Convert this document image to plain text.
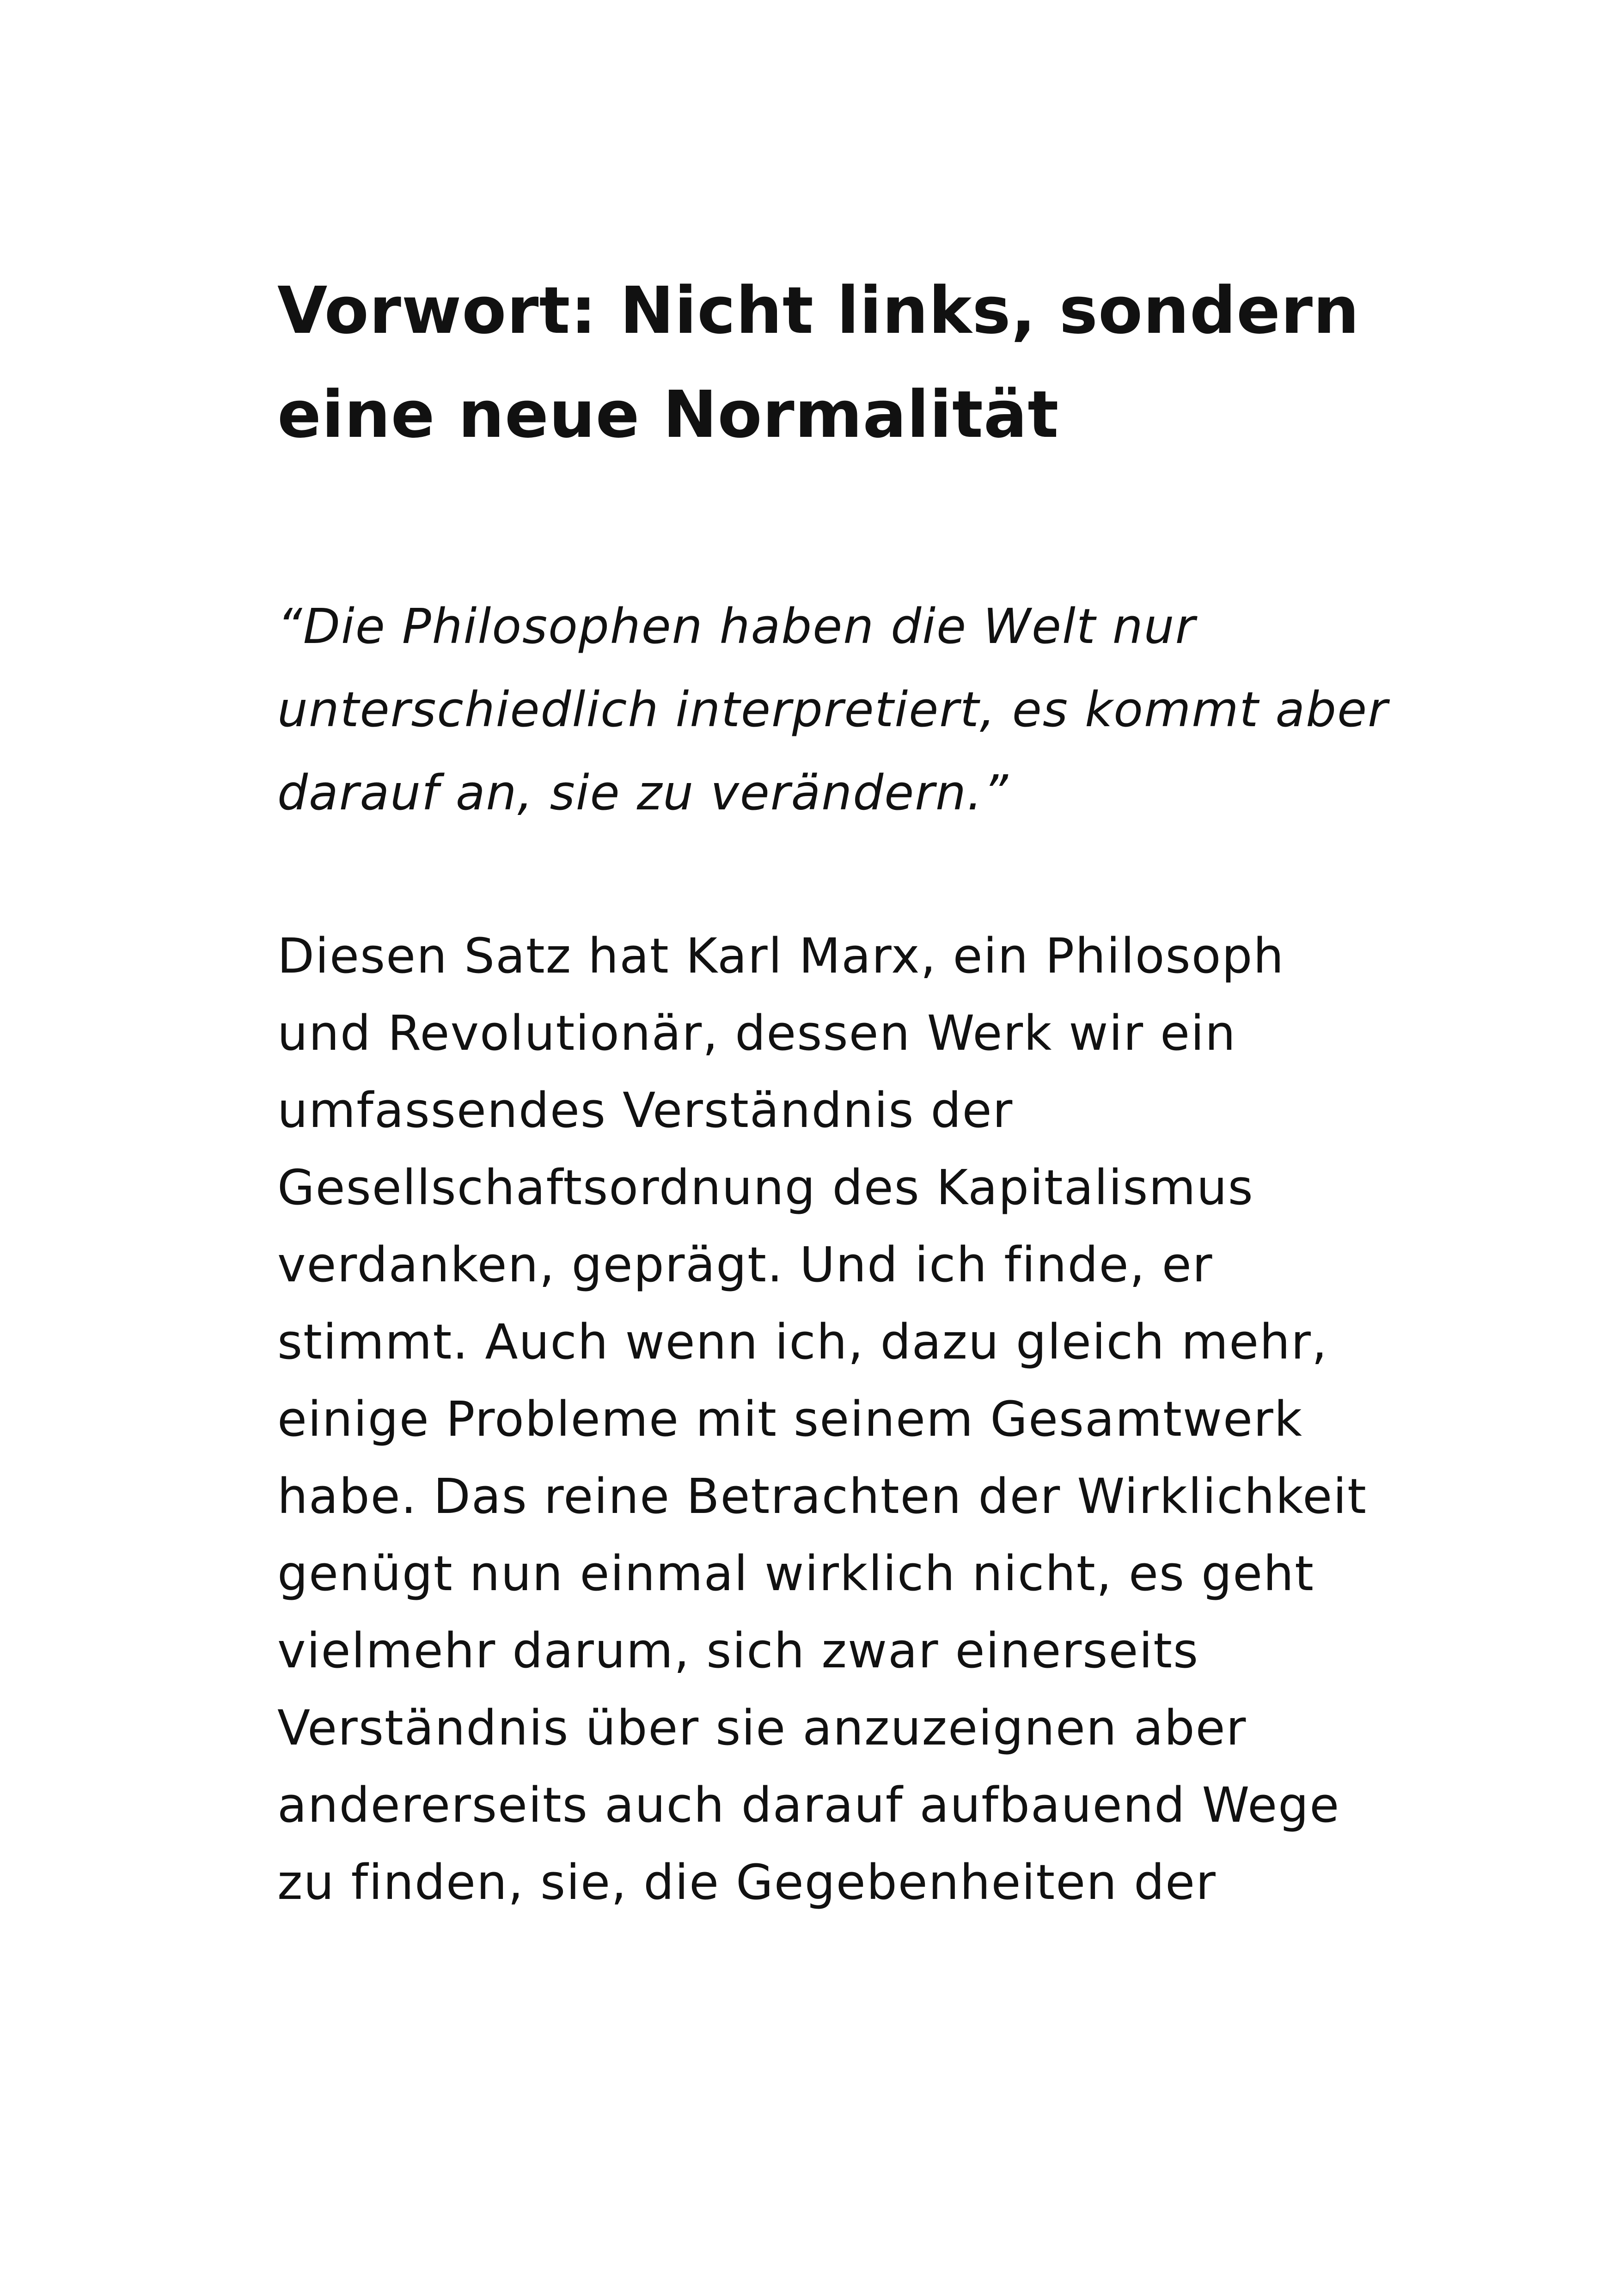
Vorwort: Nicht links, sondern
eine neue Normalität
“Die Philosophen haben die Welt nur
unterschiedlich interpretiert, es kommt aber
darauf an, sie zu verändern.”
Diesen Satz hat Karl Marx, ein Philosoph
und Revolutionär, dessen Werk wir ein
umfassendes Verständnis der
Gesellschaftsordnung des Kapitalismus
verdanken, geprägt. Und ich finde, er
stimmt. Auch wenn ich, dazu gleich mehr,
einige Probleme mit seinem Gesamtwerk
habe. Das reine Betrachten der Wirklichkeit
genügt nun einmal wirklich nicht, es geht
vielmehr darum, sich zwar einerseits
Verständnis über sie anzuzeignen aber
andererseits auch darauf aufbauend Wege
zu finden, sie, die Gegebenheiten der
